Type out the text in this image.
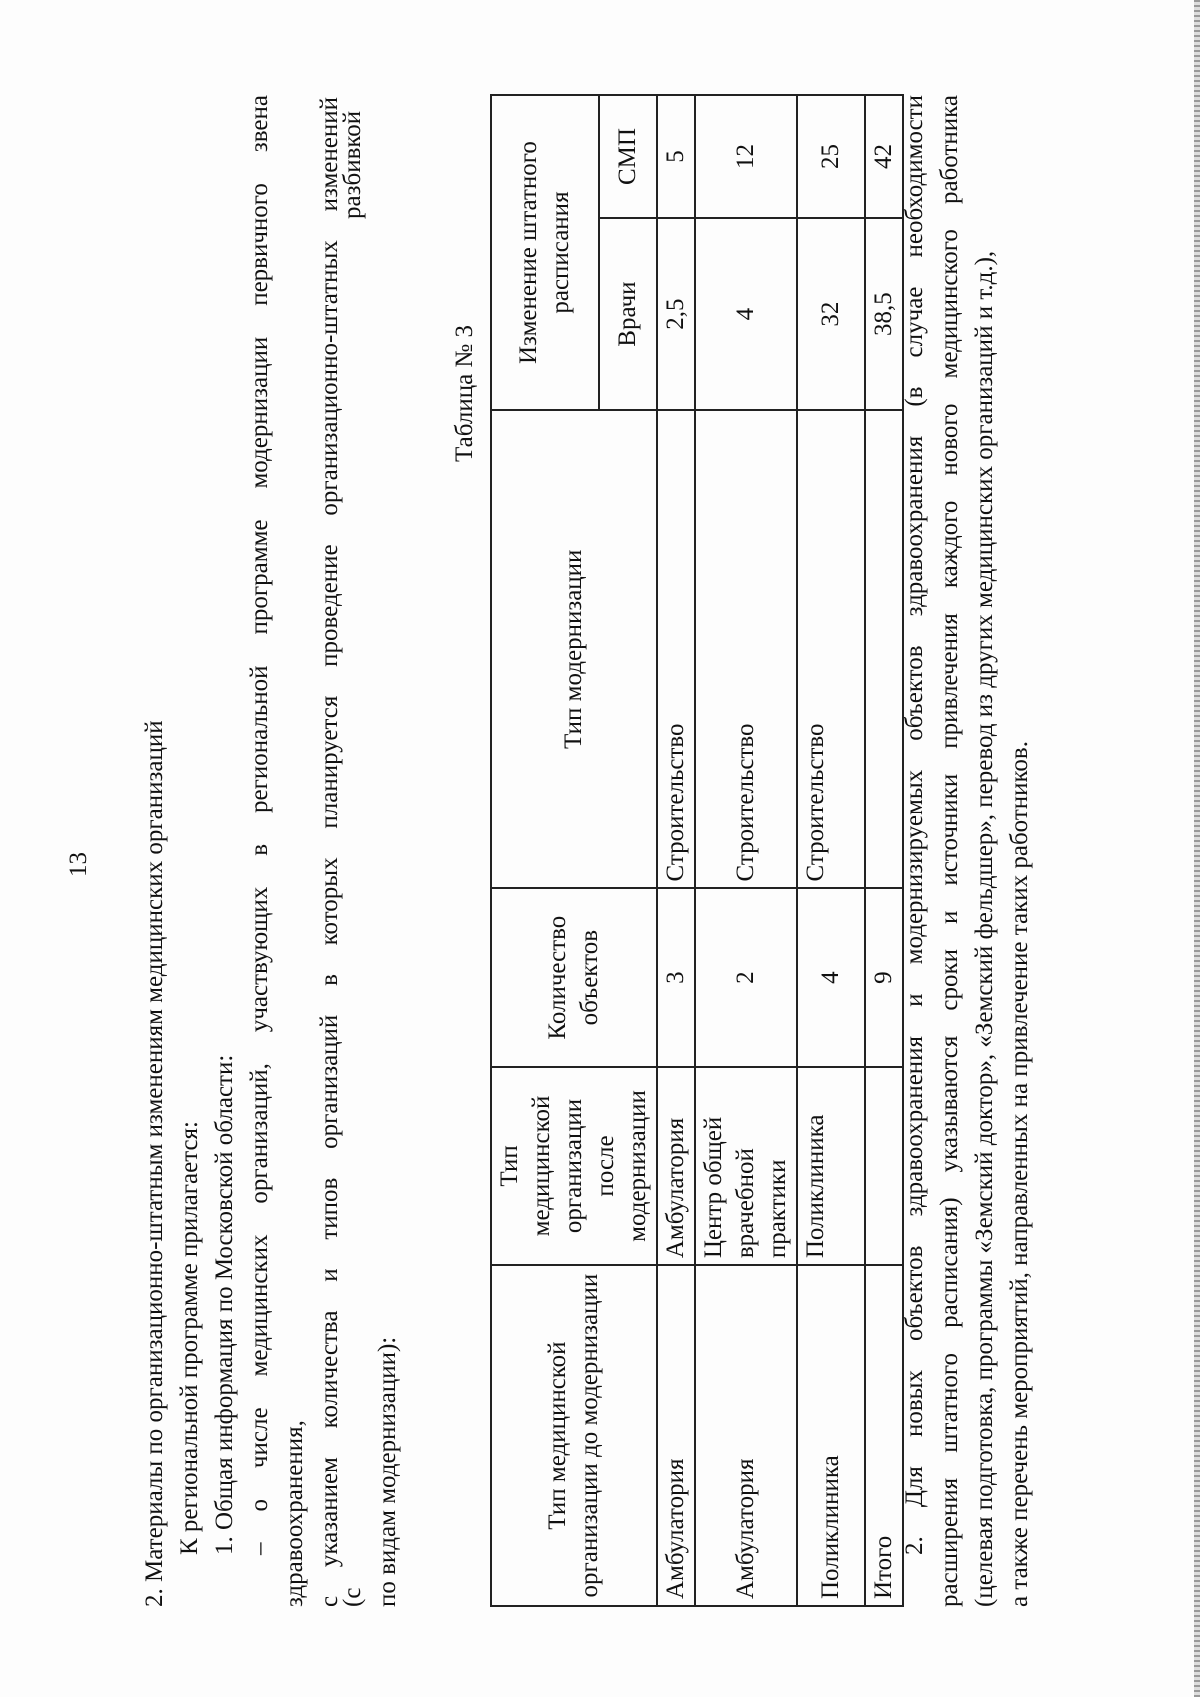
13 2. Материалы по организационно-штатным изменениям медицинских организаций К региональной программе прилагается: 1. Общая информация по Московской области: – о числе медицинских организаций, участвующих в региональной программе модернизации первичного звена здравоохранения, с указанием количества и типов организаций в которых планируется проведение организационно-штатных изменений
(с
разбивкой
по видам модернизации):
Таблица № 3
Тип медицинской организации до модернизации	Тип медицинской организации после модернизации	Количество объектов	Тип модернизации	Изменение штатного расписания	
				Врачи	СМП
Амбулатория	Амбулатория	3	Строительство	2,5	5
Амбулатория	Центр общей врачебной практики	2	Строительство	4	12
Поликлиника	Поликлиника	4	Строительство	32	25
Итого		9		38,5	42 2. Для новых объектов здравоохранения и модернизируемых объектов здравоохранения (в случае необходимости расширения штатного расписания) указываются сроки и источники привлечения каждого нового медицинского работника (целевая подготовка, программы «Земский доктор», «Земский фельдшер», перевод из других медицинских организаций и т.д.), а также перечень мероприятий, направленных на привлечение таких работников.
